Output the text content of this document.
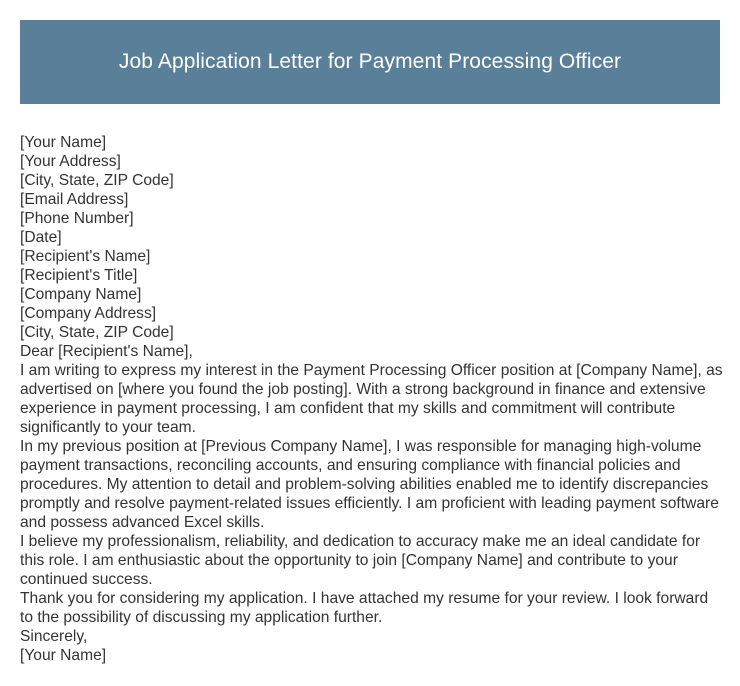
Job Application Letter for Payment Processing Officer
[Your Name]
[Your Address]
[City, State, ZIP Code]
[Email Address]
[Phone Number]
[Date]
[Recipient's Name]
[Recipient's Title]
[Company Name]
[Company Address]
[City, State, ZIP Code]
Dear [Recipient's Name],

I am writing to express my interest in the Payment Processing Officer position at [Company Name], as advertised on [where you found the job posting]. With a strong background in finance and extensive experience in payment processing, I am confident that my skills and commitment will contribute significantly to your team.

In my previous position at [Previous Company Name], I was responsible for managing high-volume payment transactions, reconciling accounts, and ensuring compliance with financial policies and procedures. My attention to detail and problem-solving abilities enabled me to identify discrepancies promptly and resolve payment-related issues efficiently. I am proficient with leading payment software and possess advanced Excel skills.

I believe my professionalism, reliability, and dedication to accuracy make me an ideal candidate for this role. I am enthusiastic about the opportunity to join [Company Name] and contribute to your continued success.

Thank you for considering my application. I have attached my resume for your review. I look forward to the possibility of discussing my application further.

Sincerely,
[Your Name]
